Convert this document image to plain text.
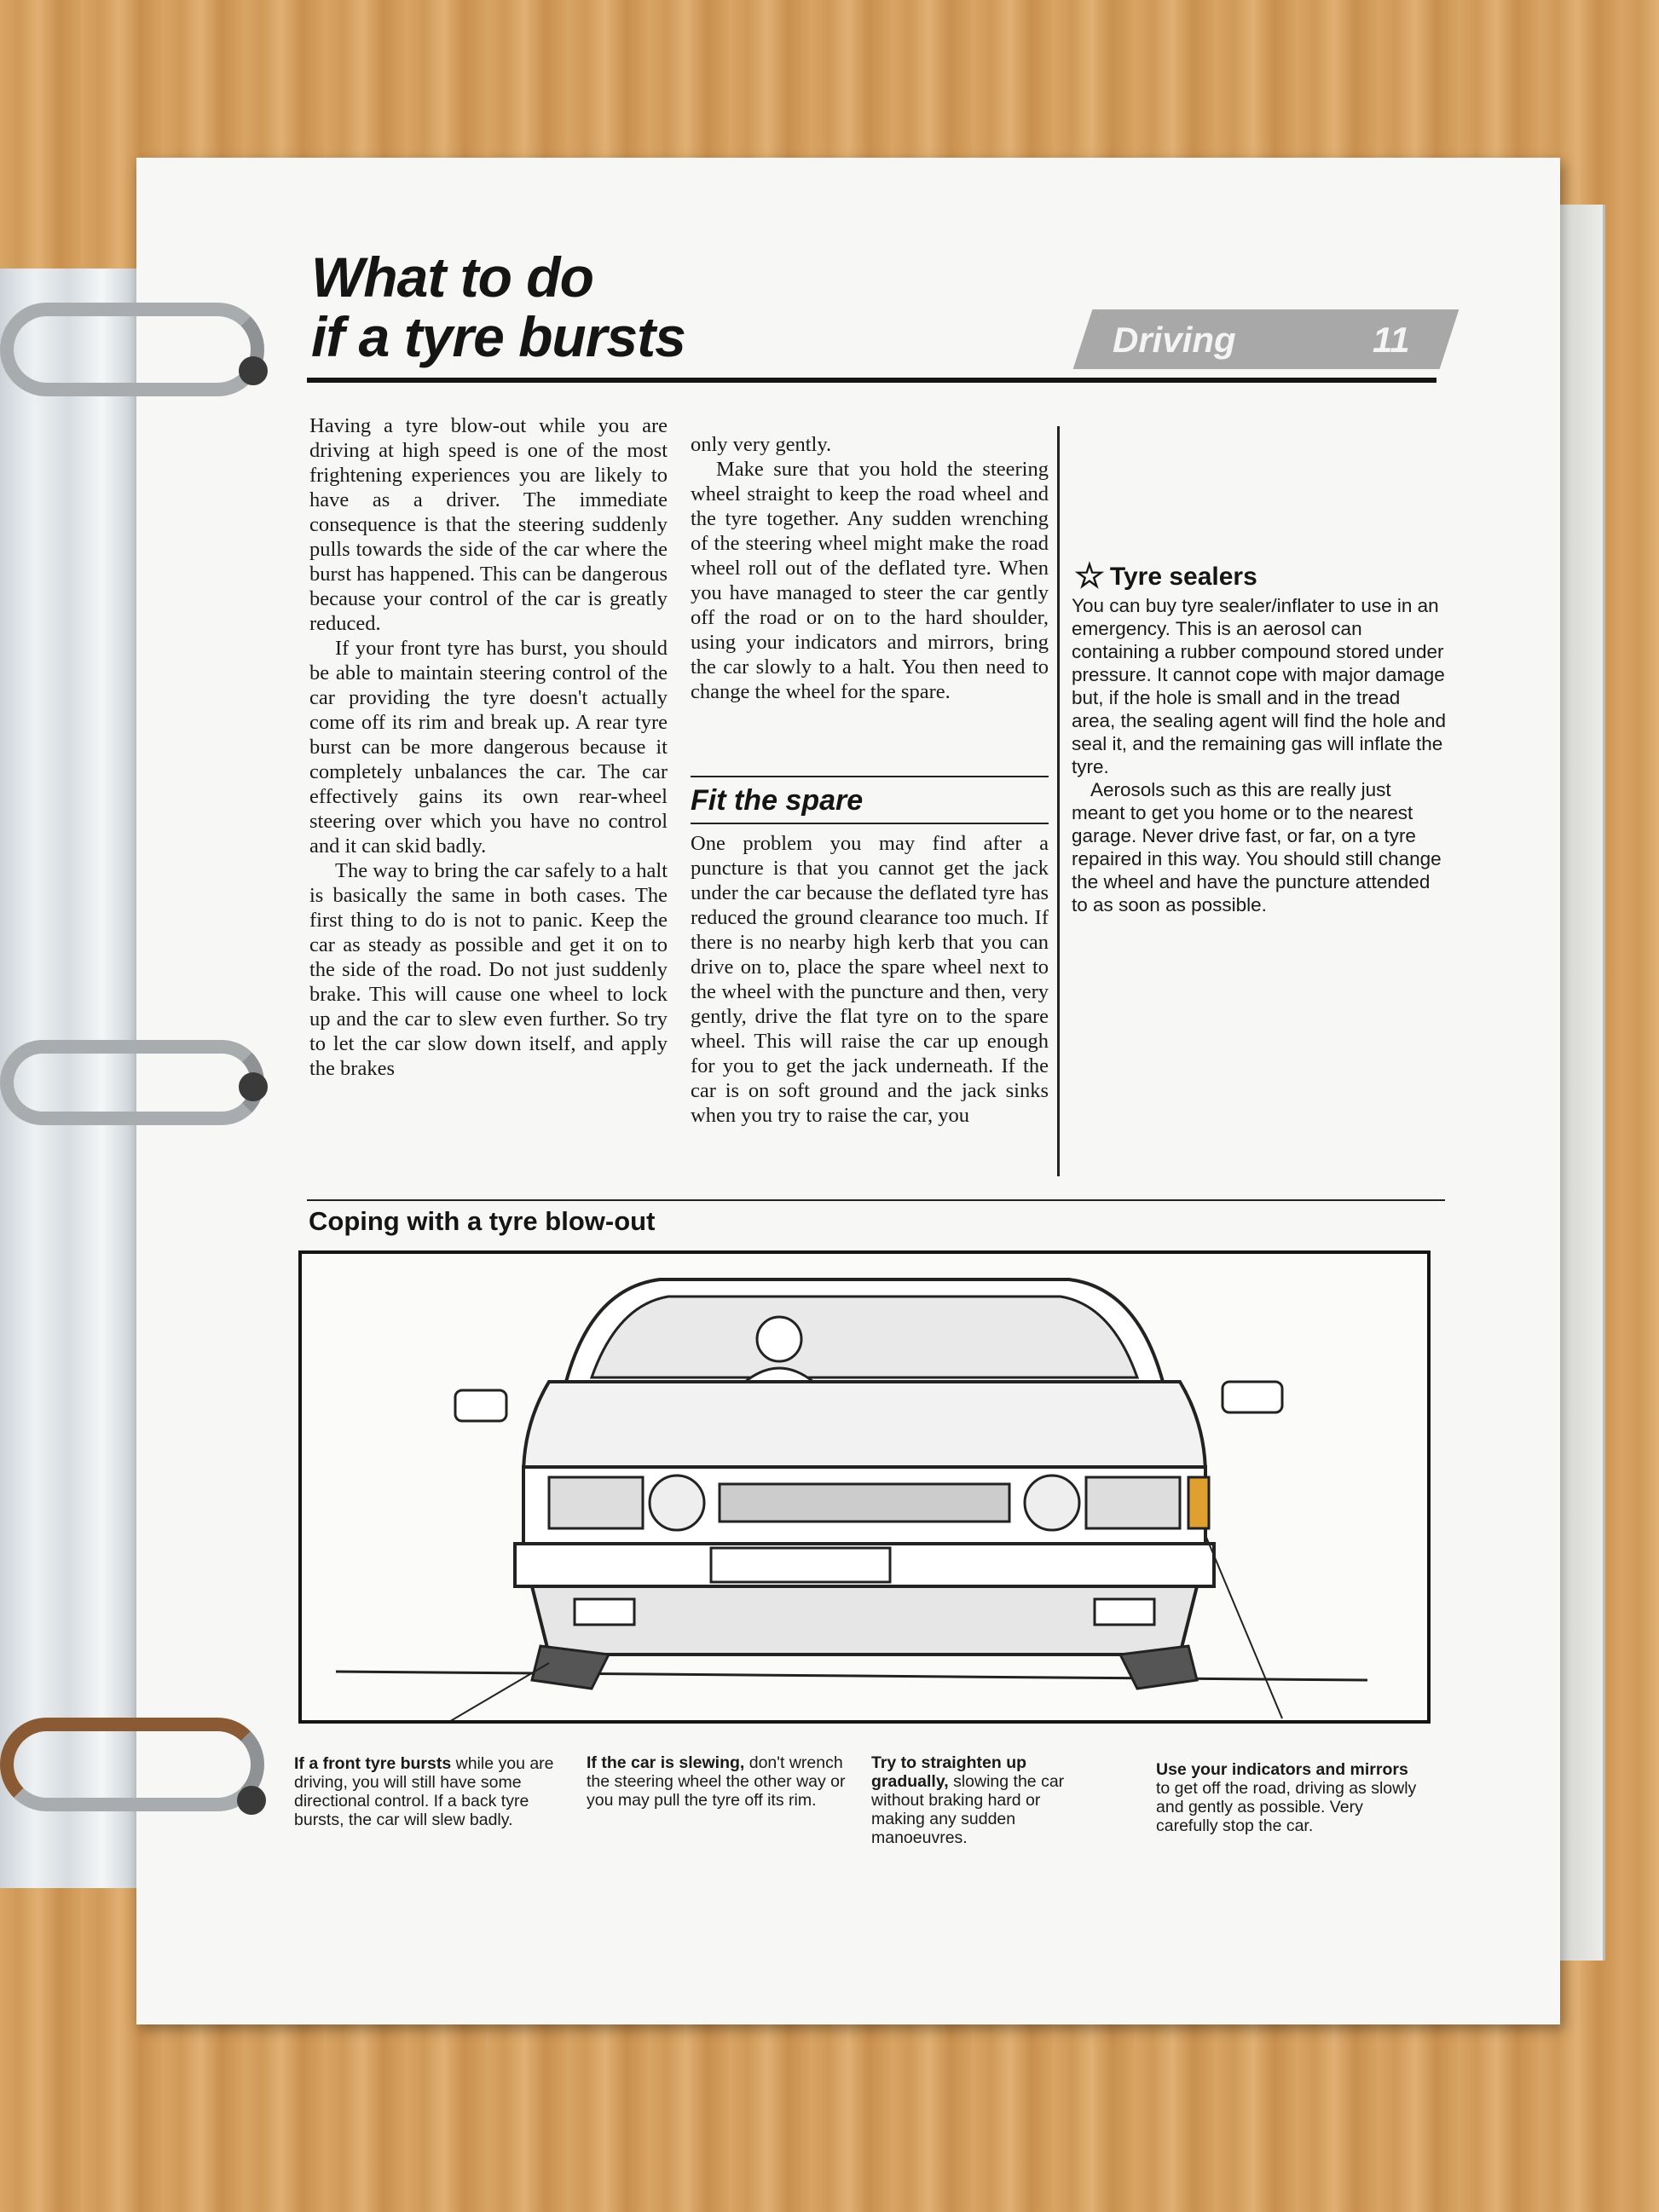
What to do
if a tyre bursts	Driving	11

Having a tyre blow-out while you are driving at high speed is one of the most frightening experiences you are likely to have as a driver. The immediate consequence is that the steering suddenly pulls towards the side of the car where the burst has happened. This can be dangerous because your control of the car is greatly reduced.

If your front tyre has burst, you should be able to maintain steering control of the car providing the tyre doesn't actually come off its rim and break up. A rear tyre burst can be more dangerous because it completely unbalances the car. The car effectively gains its own rear-wheel steering over which you have no control and it can skid badly.

The way to bring the car safely to a halt is basically the same in both cases. The first thing to do is not to panic. Keep the car as steady as possible and get it on to the side of the road. Do not just suddenly brake. This will cause one wheel to lock up and the car to slew even further. So try to let the car slow down itself, and apply the brakes

only very gently.

Make sure that you hold the steering wheel straight to keep the road wheel and the tyre together. Any sudden wrenching of the steering wheel might make the road wheel roll out of the deflated tyre. When you have managed to steer the car gently off the road or on to the hard shoulder, using your indicators and mirrors, bring the car slowly to a halt. You then need to change the wheel for the spare.

Fit the spare

One problem you may find after a puncture is that you cannot get the jack under the car because the deflated tyre has reduced the ground clearance too much. If there is no nearby high kerb that you can drive on to, place the spare wheel next to the wheel with the puncture and then, very gently, drive the flat tyre on to the spare wheel. This will raise the car up enough for you to get the jack underneath. If the car is on soft ground and the jack sinks when you try to raise the car, you

☆ Tyre sealers

You can buy tyre sealer/inflater to use in an emergency. This is an aerosol can containing a rubber compound stored under pressure. It cannot cope with major damage but, if the hole is small and in the tread area, the sealing agent will find the hole and seal it, and the remaining gas will inflate the tyre.

Aerosols such as this are really just meant to get you home or to the nearest garage. Never drive fast, or far, on a tyre repaired in this way. You should still change the wheel and have the puncture attended to as soon as possible.

Coping with a tyre blow-out
If a front tyre bursts while you are driving, you will still have some directional control. If a back tyre bursts, the car will slew badly.
If the car is slewing, don't wrench the steering wheel the other way or you may pull the tyre off its rim.
Try to straighten up gradually, slowing the car without braking hard or making any sudden manoeuvres.
Use your indicators and mirrors to get off the road, driving as slowly and gently as possible. Very carefully stop the car.
